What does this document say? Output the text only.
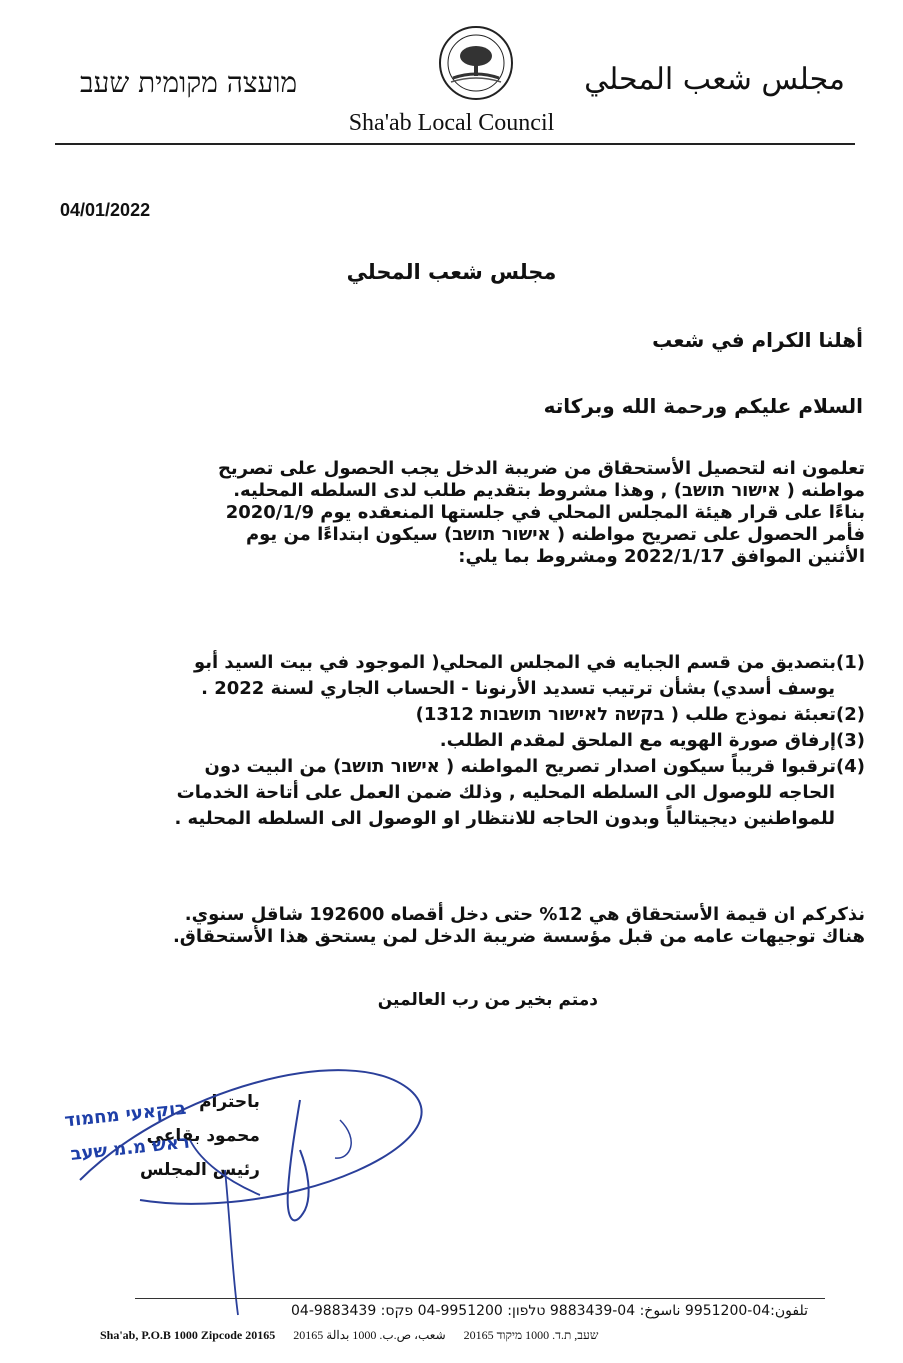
مجلس شعب المحلي
מועצה מקומית שעב
Sha'ab Local Council
04/01/2022
مجلس شعب المحلي
أهلنا الكرام في شعب
السلام عليكم ورحمة الله وبركاته
تعلمون انه لتحصيل الأستحقاق من ضريبة الدخل يجب الحصول على تصريح
مواطنه ( אישור תושב) , وهذا مشروط بتقديم طلب لدى السلطه المحليه.
بناءًا على قرار هيئة المجلس المحلي في جلستها المنعقده يوم 2020/1/9
فأمر الحصول على تصريح مواطنه ( אישור תושב) سيكون ابتداءًا من يوم
الأثنين الموافق 2022/1/17 ومشروط بما يلي:
(1)بتصديق من قسم الجبايه في المجلس المحلي( الموجود في بيت السيد أبو
يوسف أسدي) بشأن ترتيب تسديد الأرنونا - الحساب الجاري لسنة 2022 .
(2)تعبئة نموذج طلب ( בקשה לאישור תושבות 1312)
(3)إرفاق صورة الهويه مع الملحق لمقدم الطلب.
(4)ترقبوا قريباً سيكون اصدار تصريح المواطنه ( אישור תושב) من البيت دون
الحاجه للوصول الى السلطه المحليه , وذلك ضمن العمل على أتاحة الخدمات
للمواطنين ديجيتالياً وبدون الحاجه للانتظار او الوصول الى السلطه المحليه .
نذكركم ان قيمة الأستحقاق هي 12% حتى دخل أقصاه 192600 شاقل سنوي.
هناك توجيهات عامه من قبل مؤسسة ضريبة الدخل لمن يستحق هذا الأستحقاق.
دمتم بخير من رب العالمين
باحترام
محمود بقاعي
رئيس المجلس
בוקאעי מחמוד
ראש מ.מ שעב
تلفون:04-9951200 ناسوخ: 04-9883439 טלפון: 04-9951200 פקס: 04-9883439
Sha'ab, P.O.B 1000 Zipcode 20165	שעב, ת.ד. 1000 מיקוד 20165      شعب، ص.ب. 1000 بدالة 20165
